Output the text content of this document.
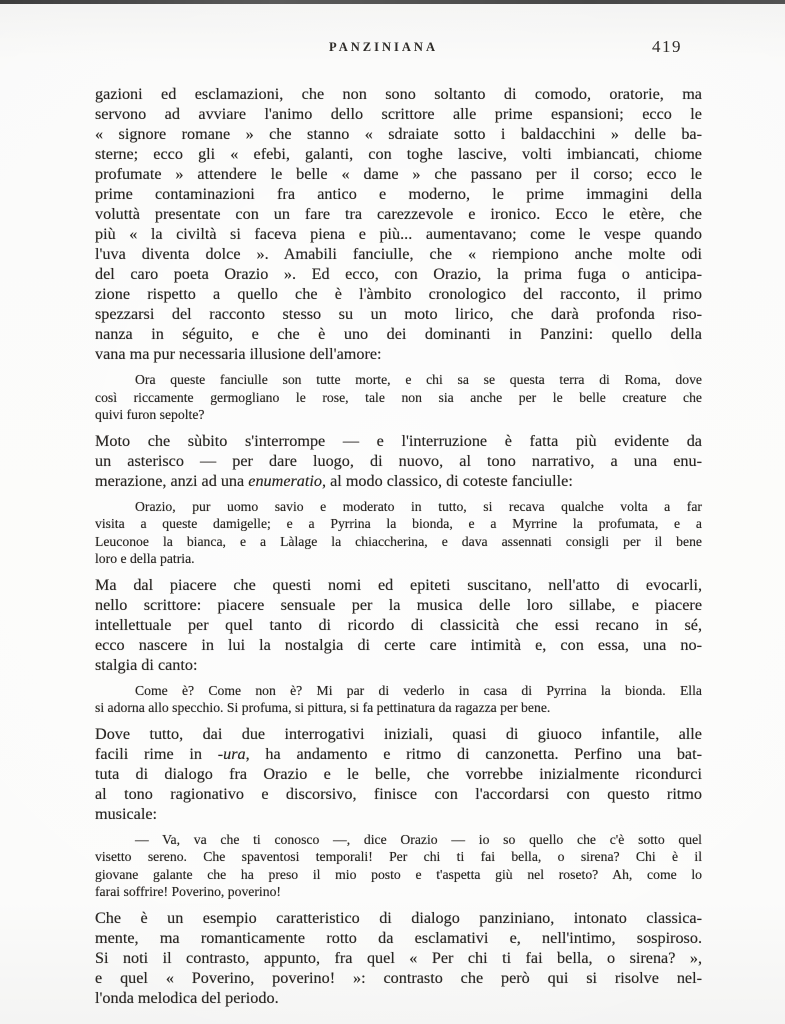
PANZINIANA	419

gazioni ed esclamazioni, che non sono soltanto di comodo, oratorie, ma
servono ad avviare l'animo dello scrittore alle prime espansioni; ecco le
« signore romane » che stanno « sdraiate sotto i baldacchini » delle ba-
sterne; ecco gli « efebi, galanti, con toghe lascive, volti imbiancati, chiome
profumate » attendere le belle « dame » che passano per il corso; ecco le
prime contaminazioni fra antico e moderno, le prime immagini della
voluttà presentate con un fare tra carezzevole e ironico. Ecco le etère, che
più « la civiltà si faceva piena e più... aumentavano; come le vespe quando
l'uva diventa dolce ». Amabili fanciulle, che « riempiono anche molte odi
del caro poeta Orazio ». Ed ecco, con Orazio, la prima fuga o anticipa-
zione rispetto a quello che è l'àmbito cronologico del racconto, il primo
spezzarsi del racconto stesso su un moto lirico, che darà profonda riso-
nanza in séguito, e che è uno dei dominanti in Panzini: quello della
vana ma pur necessaria illusione dell'amore:

Ora queste fanciulle son tutte morte, e chi sa se questa terra di Roma, dove
così riccamente germogliano le rose, tale non sia anche per le belle creature che
quivi furon sepolte?

Moto che sùbito s'interrompe — e l'interruzione è fatta più evidente da
un asterisco — per dare luogo, di nuovo, al tono narrativo, a una enu-
merazione, anzi ad una enumeratio, al modo classico, di coteste fanciulle:

Orazio, pur uomo savio e moderato in tutto, si recava qualche volta a far
visita a queste damigelle; e a Pyrrina la bionda, e a Myrrine la profumata, e a
Leuconoe la bianca, e a Làlage la chiaccherina, e dava assennati consigli per il bene
loro e della patria.

Ma dal piacere che questi nomi ed epiteti suscitano, nell'atto di evocarli,
nello scrittore: piacere sensuale per la musica delle loro sillabe, e piacere
intellettuale per quel tanto di ricordo di classicità che essi recano in sé,
ecco nascere in lui la nostalgia di certe care intimità e, con essa, una no-
stalgia di canto:

Come è? Come non è? Mi par di vederlo in casa di Pyrrina la bionda. Ella
si adorna allo specchio. Si profuma, si pittura, si fa pettinatura da ragazza per bene.

Dove tutto, dai due interrogativi iniziali, quasi di giuoco infantile, alle
facili rime in -ura, ha andamento e ritmo di canzonetta. Perfino una bat-
tuta di dialogo fra Orazio e le belle, che vorrebbe inizialmente ricondurci
al tono ragionativo e discorsivo, finisce con l'accordarsi con questo ritmo
musicale:

— Va, va che ti conosco —, dice Orazio — io so quello che c'è sotto quel
visetto sereno. Che spaventosi temporali! Per chi ti fai bella, o sirena? Chi è il
giovane galante che ha preso il mio posto e t'aspetta giù nel roseto? Ah, come lo
farai soffrire! Poverino, poverino!

Che è un esempio caratteristico di dialogo panziniano, intonato classica-
mente, ma romanticamente rotto da esclamativi e, nell'intimo, sospiroso.
Si noti il contrasto, appunto, fra quel « Per chi ti fai bella, o sirena? »,
e quel « Poverino, poverino! »: contrasto che però qui si risolve nel-
l'onda melodica del periodo.
